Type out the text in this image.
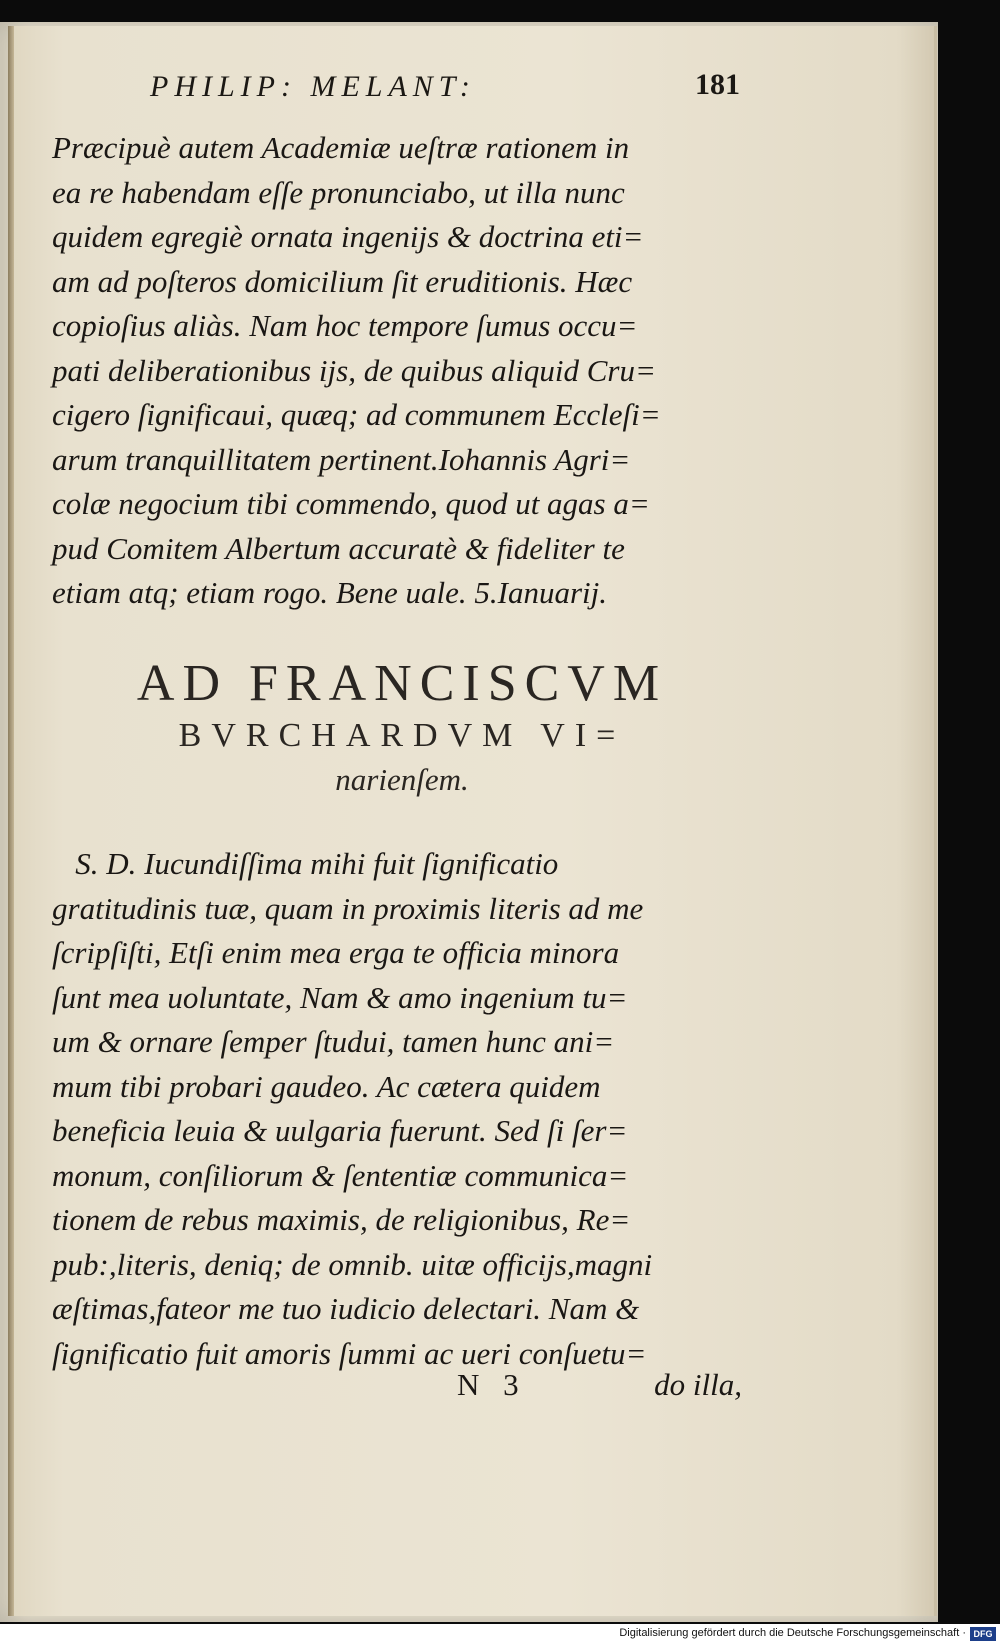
PHILIP: MELANT:	181
Præcipuè autem Academiæ ueſtræ rationem in
ea re habendam eſſe pronunciabo, ut illa nunc
quidem egregiè ornata ingenijs & doctrina eti=
am ad poſteros domicilium ſit eruditionis. Hæc
copioſius aliàs. Nam hoc tempore ſumus occu=
pati deliberationibus ijs, de quibus aliquid Cru=
cigero ſignificaui, quæq; ad communem Eccleſi=
arum tranquillitatem pertinent.Iohannis Agri=
colæ negocium tibi commendo, quod ut agas a=
pud Comitem Albertum accuratè & fideliter te
etiam atq; etiam rogo. Bene uale. 5.Ianuarij.
AD FRANCISCVM
BVRCHARDVM VI=
narienſem.
S. D. Iucundiſſima mihi fuit ſignificatio
gratitudinis tuæ, quam in proximis literis ad me
ſcripſiſti, Etſi enim mea erga te officia minora
ſunt mea uoluntate, Nam & amo ingenium tu=
um & ornare ſemper ſtudui, tamen hunc ani=
mum tibi probari gaudeo. Ac cætera quidem
beneficia leuia & uulgaria fuerunt. Sed ſi ſer=
monum, conſiliorum & ſententiæ communica=
tionem de rebus maximis, de religionibus, Re=
pub:,literis, deniq; de omnib. uitæ officijs,magni
æſtimas,fateor me tuo iudicio delectari. Nam &
ſignificatio fuit amoris ſummi ac ueri conſuetu=
N 3	do illa,
Digitalisierung gefördert durch die Deutsche Forschungsgemeinschaft · DFG
